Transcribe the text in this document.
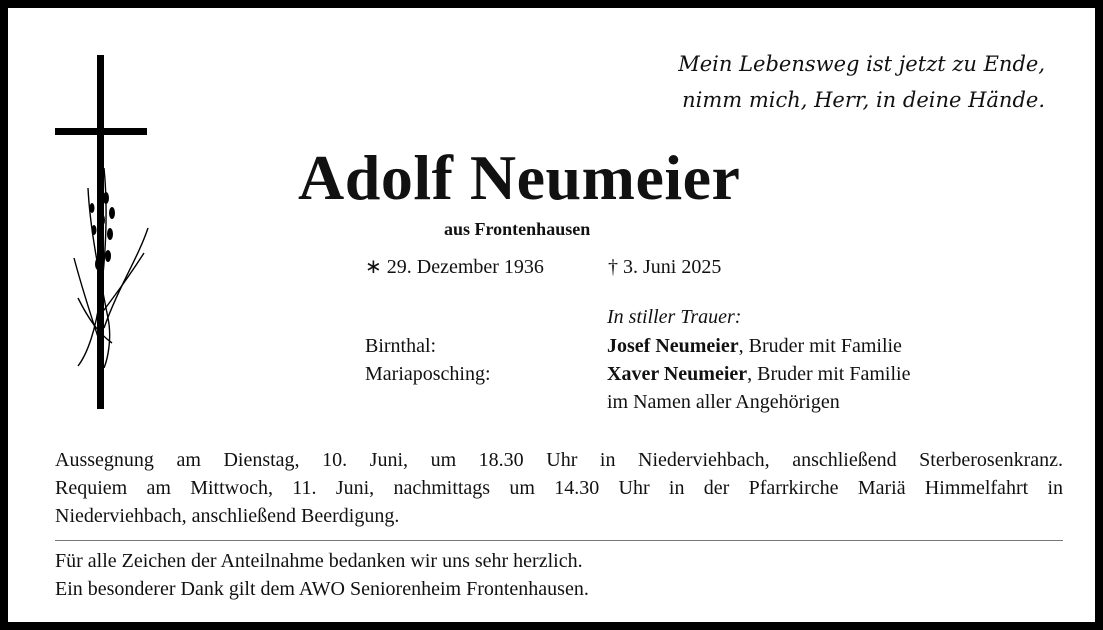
Mein Lebensweg ist jetzt zu Ende,
nimm mich, Herr, in deine Hände.
Adolf Neumeier
aus Frontenhausen
∗ 29. Dezember 1936	† 3. Juni 2025
In stiller Trauer:
Birnthal:
Mariaposching:
Josef Neumeier, Bruder mit Familie
Xaver Neumeier, Bruder mit Familie
im Namen aller Angehörigen

Aussegnung am Dienstag, 10. Juni, um 18.30 Uhr in Niederviehbach, anschließend Sterberosenkranz.

Requiem am Mittwoch, 11. Juni, nachmittags um 14.30 Uhr in der Pfarrkirche Mariä Himmelfahrt in

Niederviehbach, anschließend Beerdigung.

Für alle Zeichen der Anteilnahme bedanken wir uns sehr herzlich.

Ein besonderer Dank gilt dem AWO Seniorenheim Frontenhausen.
